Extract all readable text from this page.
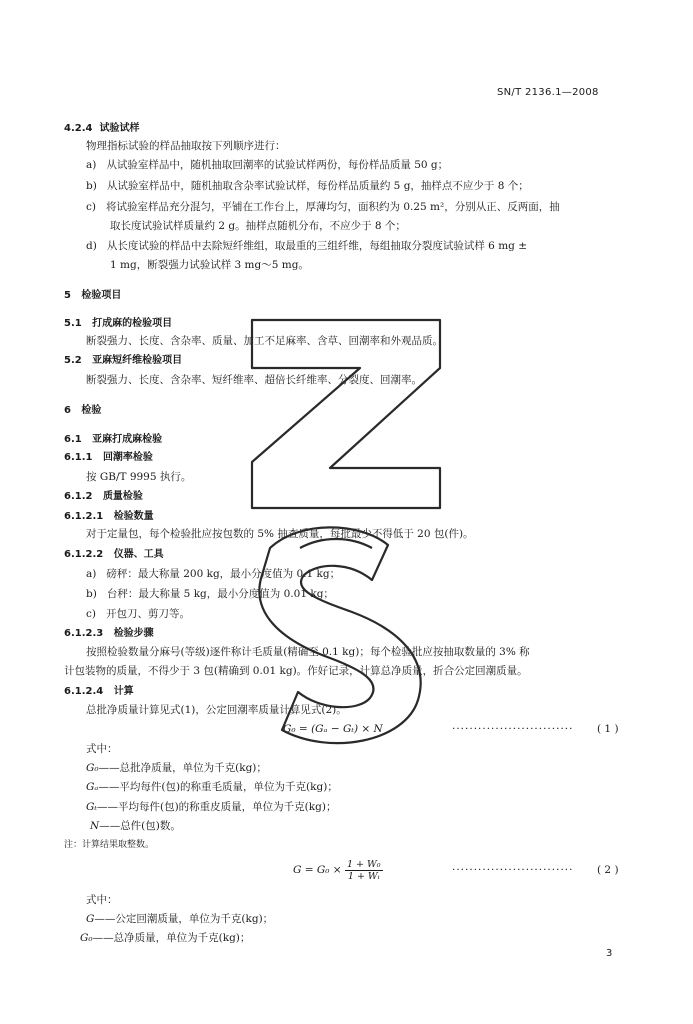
SN/T 2136.1—2008
4.2.4 试验试样
物理指标试验的样品抽取按下列顺序进行：
a) 从试验室样品中，随机抽取回潮率的试验试样两份，每份样品质量 50 g；
b) 从试验室样品中，随机抽取含杂率试验试样，每份样品质量约 5 g，抽样点不应少于 8 个；
c) 将试验室样品充分混匀，平铺在工作台上，厚薄均匀，面积约为 0.25 m²，分别从正、反两面，抽
取长度试验试样质量约 2 g。抽样点随机分布，不应少于 8 个；
d) 从长度试验的样品中去除短纤维组，取最重的三组纤维，每组抽取分裂度试验试样 6 mg ±
1 mg，断裂强力试验试样 3 mg～5 mg。
5 检验项目
5.1 打成麻的检验项目
断裂强力、长度、含杂率、质量、加工不足麻率、含草、回潮率和外观品质。
5.2 亚麻短纤维检验项目
断裂强力、长度、含杂率、短纤维率、超倍长纤维率、分裂度、回潮率。
6 检验
6.1 亚麻打成麻检验
6.1.1 回潮率检验
按 GB/T 9995 执行。
6.1.2 质量检验
6.1.2.1 检验数量
对于定量包，每个检验批应按包数的 5% 抽查质量，每批最少不得低于 20 包(件)。
6.1.2.2 仪器、工具
a) 磅秤：最大称量 200 kg，最小分度值为 0.1 kg；
b) 台秤：最大称量 5 kg，最小分度值为 0.01 kg；
c) 开包刀、剪刀等。
6.1.2.3 检验步骤
按照检验数量分麻号(等级)逐件称计毛质量(精确至 0.1 kg)；每个检验批应按抽取数量的 3% 称
计包装物的质量，不得少于 3 包(精确到 0.01 kg)。作好记录，计算总净质量，折合公定回潮质量。
6.1.2.4 计算
总批净质量计算见式(1)，公定回潮率质量计算见式(2)。
G₀ = (Gₐ − Gₜ) × N	···························· ( 1 )
式中：
G₀——总批净质量，单位为千克(kg)；
Gₐ——平均每件(包)的称重毛质量，单位为千克(kg)；
Gₜ——平均每件(包)的称重皮质量，单位为千克(kg)；
N——总件(包)数。
注：计算结果取整数。
$G = G_0 \times \frac{\text{1 + W₀}}{\text{1 + Wᵢ}}$	···························· ( 2 )
式中：
G——公定回潮质量，单位为千克(kg)；
G₀——总净质量，单位为千克(kg)；
3
